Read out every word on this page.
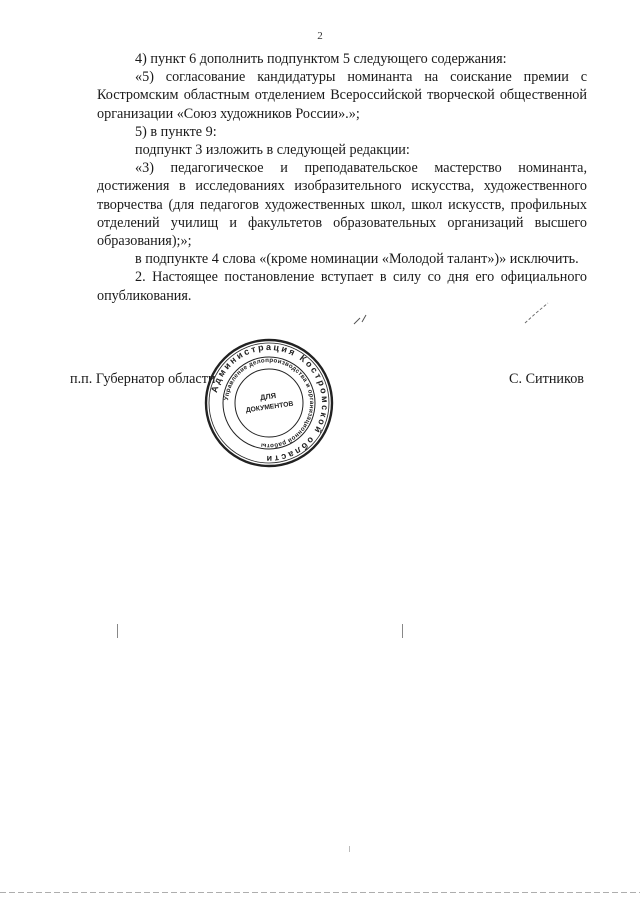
2

4) пункт 6 дополнить подпунктом 5 следующего содержания:

«5) согласование кандидатуры номинанта на соискание премии с Костромским областным отделением Всероссийской творческой общественной организации «Союз художников России».»;

5) в пункте 9:

подпункт 3 изложить в следующей редакции:

«3) педагогическое и преподавательское мастерство номинанта, достижения в исследованиях изобразительного искусства, художественного творчества (для педагогов художественных школ, школ искусств, профильных отделений училищ и факультетов образовательных организаций высшего образования);»;

в подпункте 4 слова «(кроме номинации «Молодой талант»)» исключить.

2. Настоящее постановление вступает в силу со дня его официального опубликования.

п.п. Губернатор области	С. Ситников
Администрация Костромской области
Управление делопроизводства и организационной работы
ДЛЯ
ДОКУМЕНТОВ
